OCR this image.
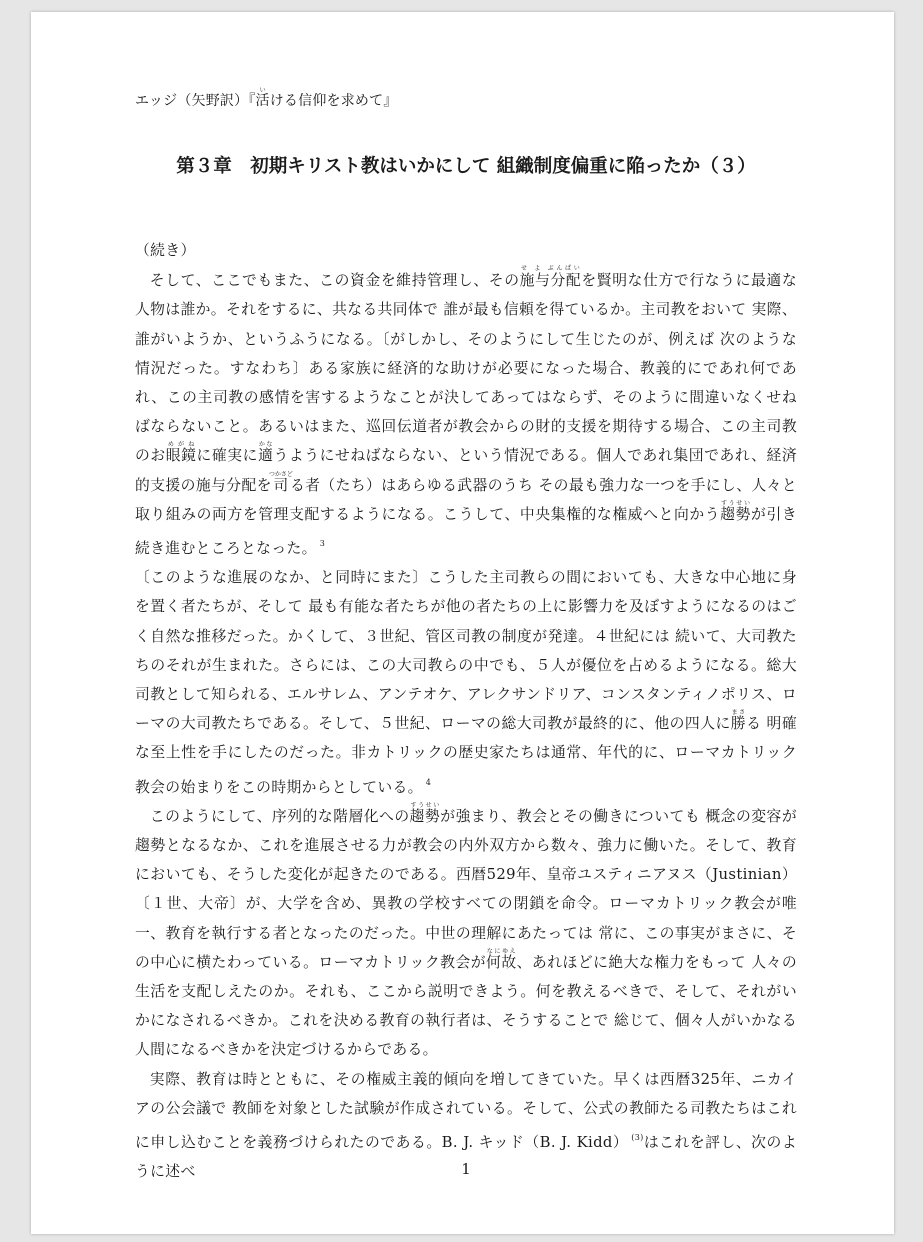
エッジ（矢野訳）『活いける信仰を求めて』
第３章　初期キリスト教はいかにして 組織制度偏重に陥ったか（３）

（続き）

そして、ここでもまた、この資金を維持管理し、その施与分配せ よ ぶんぱいを賢明な仕方で行なうに最適な人物は誰か。それをするに、共なる共同体で 誰が最も信頼を得ているか。主司教をおいて 実際、誰がいようか、というふうになる。〔がしかし、そのようにして生じたのが、例えば 次のような情況だった。すなわち〕ある家族に経済的な助けが必要になった場合、教義的にであれ何であれ、この主司教の感情を害するようなことが決してあってはならず、そのように間違いなくせねばならないこと。あるいはまた、巡回伝道者が教会からの財的支援を期待する場合、この主司教のお眼鏡めがねに確実に適かなうようにせねばならない、という情況である。個人であれ集団であれ、経済的支援の施与分配を司つかさどる者（たち）はあらゆる武器のうち その最も強力な一つを手にし、人々と取り組みの両方を管理支配するようになる。こうして、中央集権的な権威へと向かう趨勢すうせいが引き続き進むところとなった。 $^3$

〔このような進展のなか、と同時にまた〕こうした主司教らの間においても、大きな中心地に身を置く者たちが、そして 最も有能な者たちが他の者たちの上に影響力を及ぼすようになるのはごく自然な推移だった。かくして、３世紀、管区司教の制度が発達。４世紀には 続いて、大司教たちのそれが生まれた。さらには、この大司教らの中でも、５人が優位を占めるようになる。総大司教として知られる、エルサレム、アンテオケ、アレクサンドリア、コンスタンティノポリス、ローマの大司教たちである。そして、５世紀、ローマの総大司教が最終的に、他の四人に勝まさる 明確な至上性を手にしたのだった。非カトリックの歴史家たちは通常、年代的に、ローマカトリック教会の始まりをこの時期からとしている。 $^4$

このようにして、序列的な階層化への趨勢すうせいが強まり、教会とその働きについても 概念の変容が趨勢となるなか、これを進展させる力が教会の内外双方から数々、強力に働いた。そして、教育においても、そうした変化が起きたのである。西暦529年、皇帝ユスティニアヌス（Justinian）〔１世、大帝〕が、大学を含め、異教の学校すべての閉鎖を命令。ローマカトリック教会が唯一、教育を執行する者となったのだった。中世の理解にあたっては 常に、この事実がまさに、その中心に横たわっている。ローマカトリック教会が何故なにゆえ、あれほどに絶大な権力をもって 人々の生活を支配しえたのか。それも、ここから説明できよう。何を教えるべきで、そして、それがいかになされるべきか。これを決める教育の執行者は、そうすることで 総じて、個々人がいかなる人間になるべきかを決定づけるからである。

実際、教育は時とともに、その権威主義的傾向を増してきていた。早くは西暦325年、ニカイアの公会議で 教師を対象とした試験が作成されている。そして、公式の教師たる司教たちはこれに申し込むことを義務づけられたのである。B. J. キッド（B. J. Kidd） $^{(3)}$はこれを評し、次のように述べ	1
